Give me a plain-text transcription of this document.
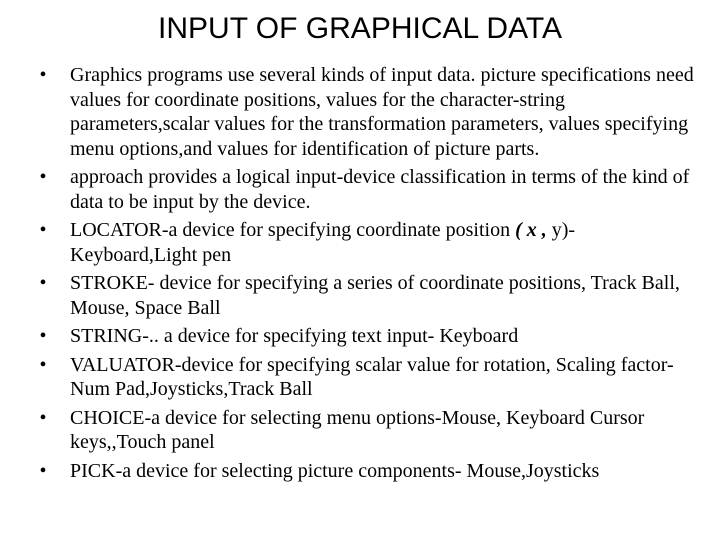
INPUT OF GRAPHICAL DATA
• Graphics programs use several kinds of input data. picture specifications need values for coordinate positions, values for the character-string parameters,scalar values for the transformation parameters, values specifying menu options,and values for identification of picture parts.
• approach provides a logical input-device classification in terms of the kind of data to be input by the device.
• LOCATOR-a device for specifying coordinate position ( x , y)-Keyboard,Light pen
• STROKE- device for specifying a series of coordinate positions, Track Ball, Mouse, Space Ball
• STRING-.. a device for specifying text input- Keyboard
• VALUATOR-device for specifying scalar value for rotation, Scaling factor-Num Pad,Joysticks,Track Ball
• CHOICE-a device for selecting menu options-Mouse, Keyboard Cursor keys,,Touch panel
• PICK-a device for selecting picture components- Mouse,Joysticks
